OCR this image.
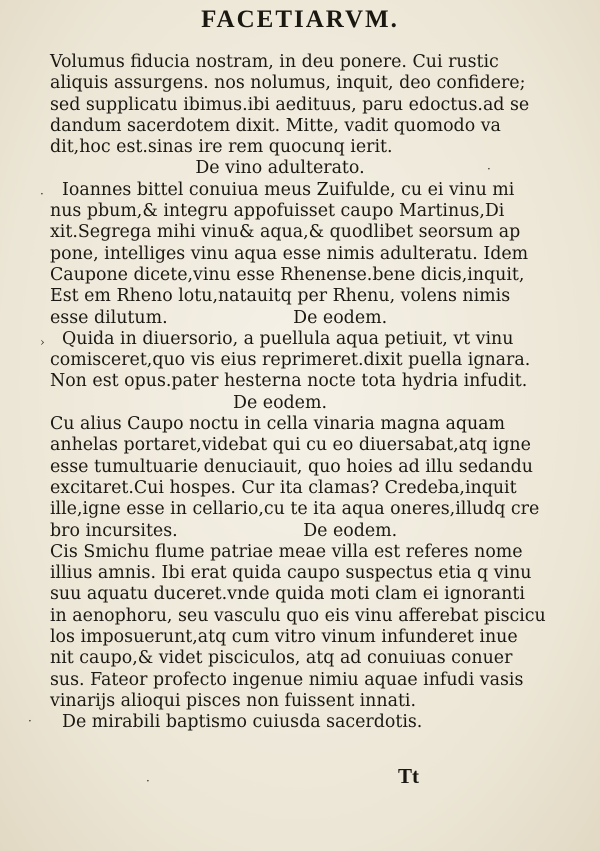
FACETIARVM.
Volumus fiducia nostram, in deu ponere. Cui rustic
aliquis assurgens. nos nolumus, inquit, deo confidere;
sed supplicatu ibimus.ibi aedituus, paru edoctus.ad se
dandum sacerdotem dixit. Mitte, vadit quomodo va
dit,hoc est.sinas ire rem quocunq ierit.
De vino adulterato.
Ioannes bittel conuiua meus Zuifulde, cu ei vinu mi
nus pbum,& integru appofuisset caupo Martinus,Di
xit.Segrega mihi vinu& aqua,& quodlibet seorsum ap
pone, intelliges vinu aqua esse nimis adulteratu. Idem
Caupone dicete,vinu esse Rhenense.bene dicis,inquit,
Est em Rheno lotu,natauitq per Rhenu, volens nimis
esse dilutum.	De eodem.
Quida in diuersorio, a puellula aqua petiuit, vt vinu
comisceret,quo vis eius reprimeret.dixit puella ignara.
Non est opus.pater hesterna nocte tota hydria infudit.
De eodem.
Cu alius Caupo noctu in cella vinaria magna aquam
anhelas portaret,videbat qui cu eo diuersabat,atq igne
esse tumultuarie denuciauit, quo hoies ad illu sedandu
excitaret.Cui hospes. Cur ita clamas? Credeba,inquit
ille,igne esse in cellario,cu te ita aqua oneres,illudq cre
bro incursites.	De eodem.
Cis Smichu flume patriae meae villa est referes nome
illius amnis. Ibi erat quida caupo suspectus etia q vinu
suu aquatu duceret.vnde quida moti clam ei ignoranti
in aenophoru, seu vasculu quo eis vinu afferebat piscicu
los imposuerunt,atq cum vitro vinum infunderet inue
nit caupo,& videt pisciculos, atq ad conuiuas conuer
sus. Fateor profecto ingenue nimiu aquae infudi vasis
vinarijs alioqui pisces non fuissent innati.
De mirabili baptismo cuiusda sacerdotis.
Tt
·
·
›
·
·
